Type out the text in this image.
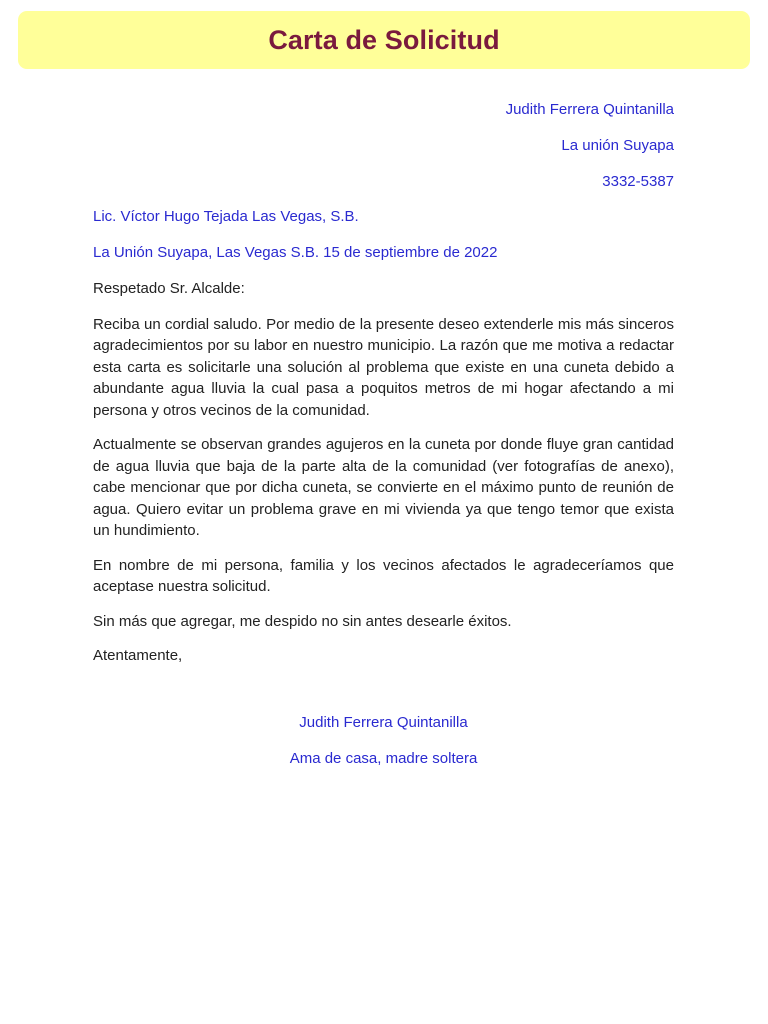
Carta de Solicitud
Judith Ferrera Quintanilla
La unión Suyapa
3332-5387
Lic. Víctor Hugo Tejada Las Vegas, S.B.
La Unión Suyapa, Las Vegas S.B. 15 de septiembre de 2022
Respetado Sr. Alcalde:
Reciba un cordial saludo. Por medio de la presente deseo extenderle mis más sinceros agradecimientos por su labor en nuestro municipio. La razón que me motiva a redactar esta carta es solicitarle una solución al problema que existe en una cuneta debido a abundante agua lluvia la cual pasa a poquitos metros de mi hogar afectando a mi persona y otros vecinos de la comunidad.
Actualmente se observan grandes agujeros en la cuneta por donde fluye gran cantidad de agua lluvia que baja de la parte alta de la comunidad (ver fotografías de anexo), cabe mencionar que por dicha cuneta, se convierte en el máximo punto de reunión de agua. Quiero evitar un problema grave en mi vivienda ya que tengo temor que exista un hundimiento.
En nombre de mi persona, familia y los vecinos afectados le agradeceríamos que aceptase nuestra solicitud.
Sin más que agregar, me despido no sin antes desearle éxitos.
Atentamente,
Judith Ferrera Quintanilla
Ama de casa, madre soltera
